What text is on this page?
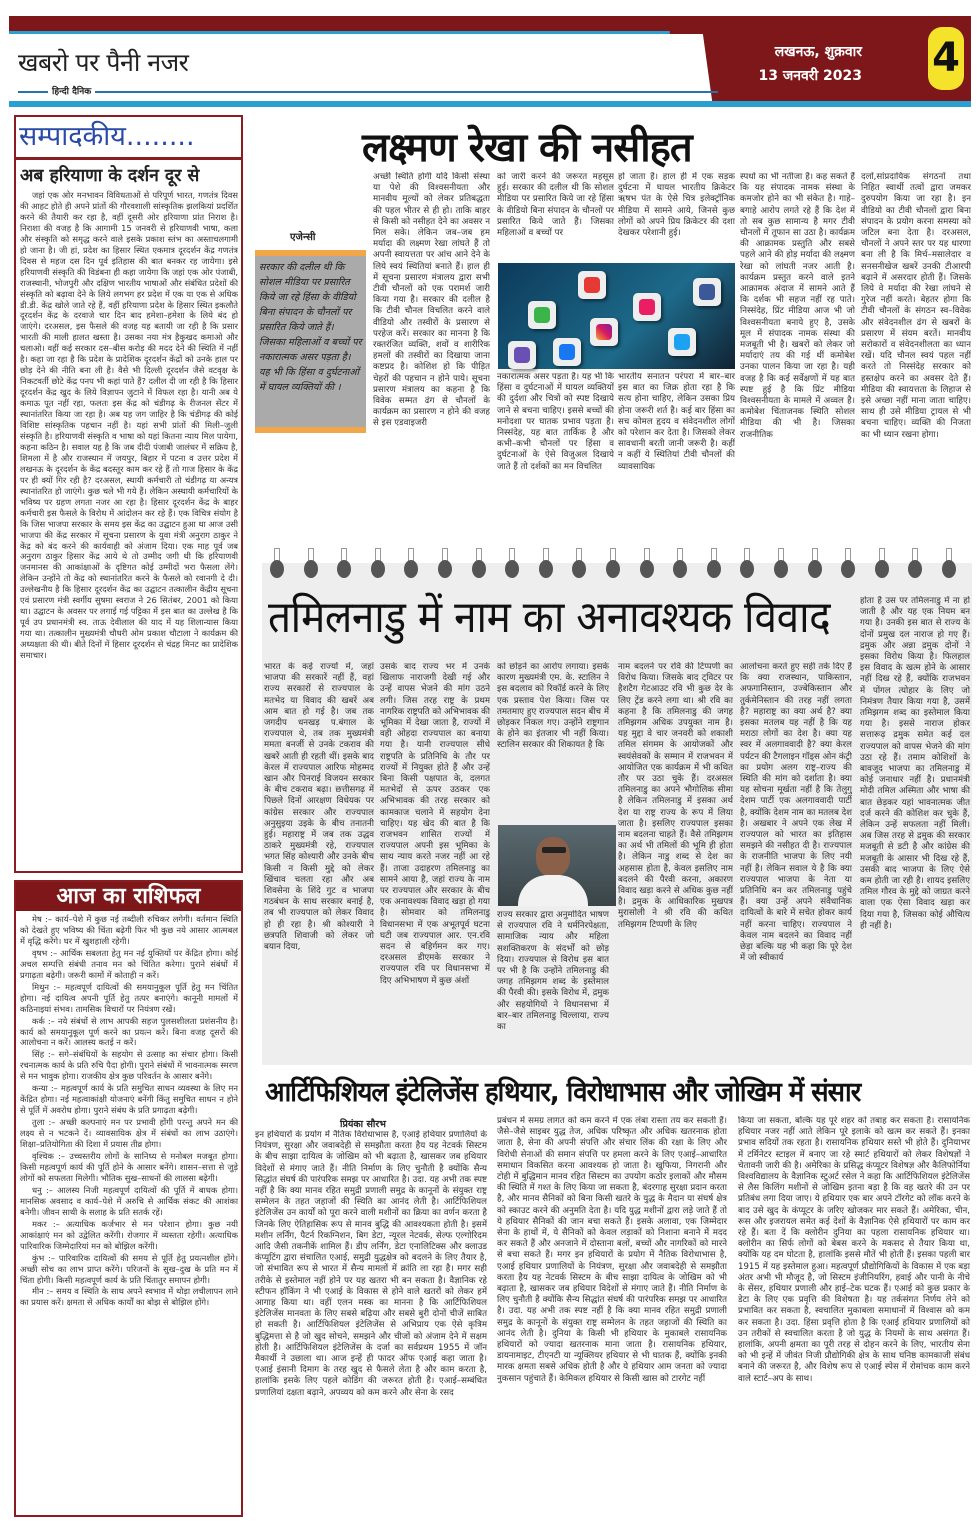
खबरो पर पैनी नजर
हिन्दी दैनिक
लखनऊ, शुक्रवार
13 जनवरी 2023 4
सम्पादकीय........
अब हरियाणा के दर्शन दूर से

जहां एक ओर मनभावन विविधताओं से परिपूर्ण भारत, गणतंत्र दिवस की आहट होते ही अपने प्रांतों की गौरवशाली सांस्कृतिक झलकियां प्रदर्शित करने की तैयारी कर रहा है, वहीं दूसरी ओर हरियाणा प्रांत निराश है। निराशा की वजह है कि आगामी 15 जनवरी से हरियाणवी भाषा, कला और संस्कृति को समृद्ध करने वाले इसके प्रकाश स्तंभ का अस्ताचलगामी हो जाना है। जी हां, प्रदेश का हिसार स्थित एकमात्र दूरदर्शन केंद्र गणतंत्र दिवस से महज दस दिन पूर्व इतिहास की बात बनकर रह जायेगा। इसे हरियाणवी संस्कृति की विडंबना ही कहा जायेगा कि जहां एक ओर पंजाबी, राजस्थानी, भोजपुरी और दक्षिण भारतीय भाषाओं और संबंधित प्रदेशों की संस्कृति को बढ़ावा देने के लिये लगभग हर प्रदेश में एक या एक से अधिक डी.डी. केंद्र खोले जाते रहे हैं, वहीं हरियाणा प्रदेश के हिसार स्थित इकलौते दूरदर्शन केंद्र के दरवाजे चार दिन बाद हमेशा–हमेशा के लिये बंद हो जाएंगे। दरअसल, इस फैसले की वजह यह बतायी जा रही है कि प्रसार भारती की माली हालत खस्ता है। उसका नया मंत्र हैकुखद कमाओ और चलाओ। वहीं कई सरकार दस–बीस करोड़ की मदद देने की स्थिति में नहीं है। कहा जा रहा है कि प्रदेश के प्रादेशिक दूरदर्शन केंद्रों को उनके हाल पर छोड़ देने की नीति बना ली है। वैसे भी दिल्ली दूरदर्शन जैसे वटवृक्ष के निकटवर्ती छोटे केंद्र पनप भी कहां पाते हैं? दलील दी जा रही है कि हिसार दूरदर्शन केंद्र खुद के लिये विज्ञापन जुटाने में विफल रहा है। यानी अब ये कमाऊ पूत नहीं रहा, फलतः इस केंद्र को चंडीगढ़ के रीजनल सेंटर में स्थानांतरित किया जा रहा है। अब यह जग जाहिर है कि चंडीगढ़ की कोई विशिष्ट सांस्कृतिक पहचान नहीं है। यहां सभी प्रांतों की मिली–जुली संस्कृति है। हरियाणवी संस्कृति व भाषा को यहां कितना न्याय मिल पायेगा, कहना कठिन है। सवाल यह है कि जब दीदी पंजाबी जालंधर में सक्रिय है, शिमला में है और राजस्थान में जयपुर, बिहार में पटना व उत्तर प्रदेश में लखनऊ के दूरदर्शन के केंद्र बदस्तूर काम कर रहे हैं तो गाज हिसार के केंद्र पर ही क्यों गिर रही है? दरअसल, स्थायी कर्मचारी तो चंडीगढ़ या अन्यत्र स्थानांतरित हो जाएंगे। कुछ चले भी गये हैं। लेकिन अस्थायी कर्मचारियों के भविष्य पर ग्रहण लगता नजर आ रहा है। हिसार दूरदर्शन केंद्र के बाहर कर्मचारी इस फैसले के विरोध में आंदोलन कर रहे हैं। एक विचित्र संयोग है कि जिस भाजपा सरकार के समय इस केंद्र का उद्घाटन हुआ था आज उसी भाजपा की केंद्र सरकार में सूचना प्रसारण के युवा मंत्री अनुराग ठाकुर ने केंद्र को बंद करने की कार्यवाही को अंजाम दिया। एक माह पूर्व जब अनुराग ठाकुर हिसार केंद्र आये थे तो उम्मीद जगी थी कि हरियाणवी जनमानस की आकांक्षाओं के दृष्टिगत कोई उम्मीदों भरा फैसला लेंगे। लेकिन उन्होंने तो केंद्र को स्थानांतरित करने के फैसले को रवानगी दे दी। उल्लेखनीय है कि हिसार दूरदर्शन केंद्र का उद्घाटन तत्कालीन केंद्रीय सूचना एवं प्रसारण मंत्री स्वर्गीय सुषमा स्वराज ने 26 सितंबर, 2001 को किया था। उद्घाटन के अवसर पर लगाई गई पट्टिका में इस बात का उल्लेख है कि पूर्व उप प्रधानमंत्री स्व. ताऊ देवीलाल की याद में यह शिलान्यास किया गया था। तत्कालीन मुख्यमंत्री चौधरी ओम प्रकाश चौटाला ने कार्यक्रम की अध्यक्षता की थी। बीते दिनों में हिसार दूरदर्शन से चंद्रह मिनट का प्रादेशिक समाचार।

आज का राशिफल

मेष :– कार्य–पेशे में कुछ नई तब्दीली रुचिकर लगेगी। वर्तमान स्थिति को देखते हुए भविष्य की चिंता बढ़ेगी फिर भी कुछ नये आसार आत्मबल में वृद्धि करेंगे। घर में खुशहाली रहेगी।

वृषभ :– आर्थिक सबलता हेतु मन नई युक्तियों पर केंद्रित होगा। कोई अचल सम्पत्ति संबंधी तनाव मन को चिंतित करेगा। पुराने संबंधों में प्रगाढ़ता बढ़ेगी। जरूरी कामों में कोताही न करें।

मिथुन :– महत्वपूर्ण दायित्वों की समयानुकूल पूर्ति हेतु मन चिंतित होगा। नई दायित्व अपनी पूर्ति हेतु तत्पर बनाएंगे। कानूनी मामलों में कठिनाइयां संभव। तामसिक विचारों पर नियंत्रण रखें।

कर्क :– नये संबंधों से लाभ आपकी सहज पुलसशीलता प्रशंसनीय है। कार्य को समयानुकूल पूर्ण करने का प्रयत्न करें। बिना वजह दूसरों की आलोचना न करें। आलस्य कतई न करें।

सिंह :– सगे–संबंधियों के सहयोग से उत्साह का संचार होगा। किसी रचनात्मक कार्य के प्रति रुचि पैदा होगी। पुराने संबंधों में भावनात्मक स्मरण से मन भावुक होगा। राजकीय क्षेत्र कुछ परिवर्तन के आसार बनेंगे।

कन्या :– महत्वपूर्ण कार्य के प्रति समुचित साधन व्यवस्था के लिए मन केंद्रित होगा। नई महत्वाकांक्षी योजनाएं बनेंगी किंतु समुचित साधन न होने से पूर्ति में अवरोध होगा। पुराने संबंध के प्रति प्रगाढ़ता बढ़ेगी।

तुला :– अच्छी कल्पनाएं मन पर प्रभावी होंगी परन्तु अपने मन की लक्ष्य से न भटकने दें। व्यावसायिक क्षेत्र में संबंधों का लाभ उठाएंगे। शिक्षा–प्रतियोगिता की दिशा में प्रयास तीव्र होगा।

वृश्चिक :– उच्चस्तरीय लोगों के सानिध्य से मनोबल मजबूत होगा। किसी महत्वपूर्ण कार्य की पूर्ति होने के आसार बनेंगे। शासन–सत्ता से जुड़े लोगों को सफलता मिलेगी। भौतिक सुख–साधनों की लालसा बढ़ेगी।

धनु :– आलस्य निजी महत्वपूर्ण दायित्वों की पूर्ति में बाधक होगा। मानसिक अवसाद व कार्य–पेशे में अरुचि से आर्थिक संकट की आशंका बनेगी। जीवन साथी के सलाह के प्रति सतर्क रहें।

मकर :– अत्याधिक कर्जभार से मन परेशान होगा। कुछ नयी आकांक्षाएं मन को उद्वेलित करेंगी। रोजगार में व्यस्तता रहेगी। अत्याधिक पारिवारिक जिम्मेदारियां मन को बोझिल करेंगी।

कुंभ :– पारिवारिक दायित्वों की समय से पूर्ति हेतु प्रयत्नशील होंगे। अच्छी सोच का लाभ प्राप्त करेंगे। परिजनों के सुख–दुख के प्रति मन में चिंता होगी। किसी महत्वपूर्ण कार्य के प्रति चिंतातुर समापन होगी।

मीन :– समय व स्थिति के साथ अपने स्वभाव में थोड़ा लचीलापन लाने का प्रयास करें। क्षमता से अधिक कार्यों का बोझ से बोझिल होंगे।

लक्ष्मण रेखा की नसीहत
एजेन्सी
सरकार की दलील थी कि सोशल मीडिया पर प्रसारित किये जा रहे हिंसा के वीडियो बिना संपादन के चौनलों पर प्रसारित किये जाते हैं। जिसका महिलाओं व बच्चों पर नकारात्मक असर पड़ता है। यह भी कि हिंसा व दुर्घटनाओं में घायल व्यक्तियों की ।
अच्छी स्थिति होगी यदि किसी संस्था या पेशे की विश्वसनीयता और मानवीय मूल्यों को लेकर प्रतिबद्धता की पहल भीतर से ही हो। ताकि बाहर से किसी को नसीहत देने का अवसर न मिल सके। लेकिन जब–जब हम मर्यादा की लक्ष्मण रेखा लांघते हैं तो अपनी स्वायत्तता पर आंच आने देने के लिये स्वयं स्थितियां बनाते हैं। हाल ही में सूचना प्रसारण मंत्रालय द्वारा सभी टीवी चौनलों को एक परामर्श जारी किया गया है। सरकार की दलील है कि टीवी चौनल विचलित करने वाले वीडियो और तस्वीरों के प्रसारण से परहेज करें। सरकार का मानना है कि रक्तरंजित व्यक्ति, शवों व शारीरिक हमलों की तस्वीरों का दिखाया जाना कष्टप्रद है। कोशिश हो कि पीड़ित चेहरों की पहचान न होने पाये। सूचना प्रसारण मंत्रालय का कहना है कि विवेक सम्मत ढंग से चौनलों के कार्यक्रम का प्रसारण न होने की वजह से इस एडवाइजरी
को जारी करने की जरूरत महसूस हुई। सरकार की दलील थी कि सोशल मीडिया पर प्रसारित किये जा रहे हिंसा के वीडियो बिना संपादन के चौनलों पर प्रसारित किये जाते हैं। जिसका महिलाओं व बच्चों पर
नकारात्मक असर पड़ता है। यह भी कि हिंसा व दुर्घटनाओं में घायल व्यक्तियों की दुर्दशा और चित्रों को स्पष्ट दिखाये जाने से बचना चाहिए। इससे बच्चों की मनोदशा पर घातक प्रभाव पड़ता है। निस्संदेह, यह बात तार्किक है और कभी–कभी चौनलों पर हिंसा व दुर्घटनाओं के ऐसे विजुअल दिखाये जाते हैं तो दर्शकों का मन विचलित
हो जाता है। हाल ही में एक सड़क दुर्घटना में घायल भारतीय क्रिकेटर ऋषभ पंत के ऐसे चित्र इलेक्ट्रॉनिक मीडिया में सामने आये, जिनसे कुछ लोगों को अपने प्रिय क्रिकेटर की दशा देखकर परेशानी हुई।
भारतीय सनातन परंपरा में बार–बार इस बात का जिक्र होता रहा है कि सत्य होना चाहिए, लेकिन उसका प्रिय होना जरूरी शर्त है। कई बार हिंसा का सच कोमल हृदय व संवेदनशील लोगों को परेशान कर देता है। जिसको लेकर सावधानी बरती जानी जरूरी है। कहीं न कहीं ये स्थितियां टीवी चौनलों की व्यावसायिक
स्पर्धा का भी नतीजा है। कह सकते हैं कि यह संपादक नामक संस्था के कमजोर होने का भी संकेत है। गाहे–बगाहे आरोप लगते रहे हैं कि देश में तो सब कुछ सामान्य है मगर टीवी चौनलों में तूफान सा उठा है। कार्यक्रम की आक्रामक प्रस्तुति और सबसे पहले आने की होड़ मर्यादा की लक्ष्मण रेखा को लांघती नजर आती है। कार्यक्रम प्रस्तुत करने वाले इतने आक्रामक अंदाज में सामने आते हैं कि दर्शक भी सहज नहीं रह पाते। निस्संदेह, प्रिंट मीडिया आज भी जो विश्वसनीयता बनाये हुए है, उसके मूल में संपादक नामक संस्था की मजबूती भी है। खबरों को लेकर जो मर्यादाएं तय की गई थीं कमोबेश उनका पालन किया जा रहा है। यही वजह है कि कई सर्वेक्षणों में यह बात स्पष्ट हुई है कि प्रिंट मीडिया विश्वसनीयता के मामले में अव्वल है। कमोबेश चिंताजनक स्थिति सोशल मीडिया की भी है। जिसका राजनीतिक
दलों,सांप्रदायिक संगठनों तथा निहित स्वार्थी तत्वों द्वारा जमकर दुरुपयोग किया जा रहा है। इन वीडियो का टीवी चौनलों द्वारा बिना संपादन के प्रयोग करना समस्या को जटिल बना देता है। दरअसल, चौनलों ने अपने स्तर पर यह धारणा बना ली है कि मिर्च–मसालेदार व सनसनीखेज खबरें उनकी टीआरपी बढ़ाने में असरदार होती हैं। जिसके लिये वे मर्यादा की रेखा लांघने से गुरेज नहीं करते। बेहतर होगा कि टीवी चौनलों के संगठन स्व–विवेक और संवेदनशील ढंग से खबरों के प्रसारण में संयम बरतें। मानवीय सरोकारों व संवेदनशीलता का ध्यान रखें। यदि चौनल स्वयं पहल नहीं करते तो निस्संदेह सरकार को हस्तक्षेप करने का अवसर देते हैं। मीडिया की स्वायत्तता के लिहाज से इसे अच्छा नहीं माना जाता चाहिए। साथ ही उसे मीडिया ट्रायल से भी बचना चाहिए। व्यक्ति की निजता का भी ध्यान रखना होगा।
तमिलनाडु में नाम का अनावश्यक विवाद	होता है उस पर तमिलनाडु में ना हो जाती है और यह एक नियम बन गया है। उनकी इस बात से राज्य के दोनों प्रमुख दल नाराज हो गए हैं। द्रमुक और अन्ना द्रमुक दोनों ने इसका विरोध किया है। फिलहाल इस विवाद के खत्म होने के आसार नहीं दिख रहे हैं, क्योंकि राजभवन में पोंगल त्योहार के लिए जो निमंत्रण तैयार किया गया है, उसमें तमिझगम शब्द का इस्तेमाल किया गया है। इससे नाराज होकर सत्तारूढ़ द्रमुक समेत कई दल राज्यपाल को वापस भेजने की मांग उठा रहे हैं। तमाम कोशिशों के बावजूद भाजपा का तमिलनाडु में कोई जनाधार नहीं है। प्रधानमंत्री मोदी तमिल अस्मिता और भाषा की बात छेड़कर यहां भावनात्मक जीत दर्ज करने की कोशिश कर चुके हैं, लेकिन उन्हें सफलता नहीं मिली। अब जिस तरह से द्रमुक की सरकार मजबूती से डटी है और कांग्रेस की मजबूती के आसार भी दिख रहे हैं, उसकी बाद भाजपा के लिए ऐसे कम होती जा रही है। शायद इसलिए तमिल गौरव के मुद्दे को जाग्रत करने वाला एक ऐसा विवाद खड़ा कर दिया गया है, जिसका कोई औचित्य ही नहीं है।
भारत के कई राज्यों में, जहां भाजपा की सरकारें नहीं हैं, वहां राज्य सरकारों से राज्यपाल के मतभेद या विवाद की खबरें अब आम बात हो गई है। जब तक जगदीप धनखड़ प.बंगाल के राज्यपाल थे, तब तक मुख्यमंत्री ममता बनर्जी से उनके टकराव की खबरें आती ही रहती थीं। इसके बाद केरल में राज्यपाल आरिफ मोहम्मद खान और पिनराई विजयन सरकार के बीच टकराव बढ़ा। छत्तीसगढ़ में पिछले दिनों आरक्षण विधेयक पर कांग्रेस सरकार और राज्यपाल अनुसुइया उइके के बीच तनातनी हुई। महाराष्ट्र में जब तक उद्धव ठाकरे मुख्यमंत्री रहे, राज्यपाल भगत सिंह कोश्यारी और उनके बीच किसी न किसी मुद्दे को लेकर खिंचाव चलता रहा और अब शिवसेना के शिंदे गुट व भाजपा गठबंधन के साथ सरकार बनाई है, तब भी राज्यपाल को लेकर विवाद हो ही रहा है। श्री कोश्यारी ने छत्रपति शिवाजी को लेकर जो बयान दिया,
उसके बाद राज्य भर में उनके खिलाफ नाराजगी देखी गई और उन्हें वापस भेजने की मांग उठने लगी। जिस तरह राष्ट्र के प्रथम नागरिक राष्ट्रपति को अभिभावक की भूमिका में देखा जाता है, राज्यों में वही ओहदा राज्यपाल का बनाया गया है। यानी राज्यपाल सीधे राष्ट्रपति के प्रतिनिधि के तौर पर राज्यों में नियुक्त होते हैं और उन्हें बिना किसी पक्षपात के, दलगत मतभेदों से ऊपर उठकर एक अभिभावक की तरह सरकार को कामकाज चलाने में सहयोग देना चाहिए। यह खेद की बात है कि राजभवन शासित राज्यों में राज्यपाल अपनी इस भूमिका के साथ न्याय करते नजर नहीं आ रहे हैं। ताजा उदाहरण तमिलनाडु का सामने आया है, जहां राज्य के नाम पर राज्यपाल और सरकार के बीच एक अनावश्यक विवाद खड़ा हो गया है। सोमवार को तमिलनाडु विधानसभा में एक अभूतपूर्व घटना घटी जब राज्यपाल आर. एन.रवि सदन से बहिर्गमन कर गए। दरअसल डीएमके सरकार ने राज्यपाल रवि पर विधानसभा में दिए अभिभाषण में कुछ अंशों
को छोड़ने का आरोप लगाया। इसके कारण मुख्यमंत्री एम. के. स्टालिन ने इस बदलाव को रिकॉर्ड करने के लिए एक प्रस्ताव पेश किया। जिस पर तमतमाए हुए राज्यपाल सदन बीच में छोड़कर निकल गए। उन्होंने राष्ट्रगान के होने का इंतजार भी नहीं किया। स्टालिन सरकार की शिकायत है कि
राज्य सरकार द्वारा अनुमोदित भाषण से राज्यपाल रवि ने धर्मनिरपेक्षता, सामाजिक न्याय और महिला सशक्तिकरण के संदर्भों को छोड़ दिया। राज्यपाल से विरोध इस बात पर भी है कि उन्होंने तमिलनाडु की जगह तमिझगम शब्द के इस्तेमाल की पैरवी की। इसके विरोध में, द्रमुक और सहयोगियों ने विधानसभा में बार–बार तमिलनाडु चिल्लाया, राज्य का
नाम बदलने पर रवि की टिप्पणी का विरोध किया। जिसके बाद ट्विटर पर हैशटैग गेटआउट रवि भी कुछ देर के लिए ट्रेंड करने लगा था। श्री रवि का कहना है कि तमिलनाडु की जगह तमिझगम अधिक उपयुक्त नाम है। यह मुद्दा वे चार जनवरी को शकाशी तमिल संगमम के आयोजकों और स्वयंसेवकों के सम्मान में राजभवन में आयोजित एक कार्यक्रम में भी कथित तौर पर उठा चुके हैं। दरअसल तमिलनाडु का अपने भौगोलिक सीमा है लेकिन तमिलनाडु में इसका अर्थ देश या राष्ट्र राज्य के रूप में लिया जाता है। इसलिए राज्यपाल इसका नाम बदलना चाहते हैं। वैसे तमिझगम का अर्थ भी तमिलों की भूमि ही होता है। लेकिन नाडु शब्द से देश का अहसास होता है, केवल इसलिए नाम बदलने की पैरवी करना, अकारण विवाद खड़ा करने से अधिक कुछ नहीं है। द्रमुक के आधिकारिक मुखपत्र मुरासोली ने श्री रवि की कथित तमिझगम टिप्पणी के लिए
आलोचना करते हुए सही तर्क दिए हैं कि क्या राजस्थान, पाकिस्तान, अफगानिस्तान, उज्बेकिस्तान और तुर्कमेनिस्तान की तरह नहीं लगता है? महाराष्ट्र का क्या अर्थ है? क्या इसका मतलब यह नहीं है कि यह मराठा लोगों का देश है। क्या यह स्वर में अलगाववादी है? क्या केरल पर्यटन की टैगलाइन गॉड्स ओन कंट्री का प्रयोग अलग राष्ट्र–राज्य की स्थिति की मांग को दर्शाता है। क्या यह सोचना मूर्खता नहीं है कि तेलुगु देशम पार्टी एक अलगाववादी पार्टी है, क्योंकि देशम नाम का मतलब देश है। अखबार ने अपने एक लेख में राज्यपाल को भारत का इतिहास समझने की नसीहत दी है। राज्यपाल के राजनीति भाजपा के लिए नयी नहीं है। लेकिन सवाल ये है कि क्या राज्यपाल भाजपा के नेता या प्रतिनिधि बन कर तमिलनाडु पहुंचे हैं। क्या उन्हें अपने संवैधानिक दायित्वों के बारे में सचेत होकर कार्य नहीं करना चाहिए। राज्यपाल ने केवल नाम बदलने का विवाद नहीं छेड़ा बल्कि यह भी कहा कि पूरे देश में जो स्वीकार्य
आर्टिफिशियल इंटेलिजेंस हथियार, विरोधाभास और जोखिम में संसार
प्रियंका सौरभ
इन हथियारों के प्रयोग में नैतिक विरोधाभास है, एआई हथियार प्रणालियों के नियंत्रण, सुरक्षा और जवाबदेही से समझौता करता हैय यह नेटवर्क सिस्टम के बीच साझा दायित्व के जोखिम को भी बढ़ाता है, खासकर जब हथियार विदेशों से मंगाए जाते हैं। नीति निर्माण के लिए चुनौती है क्योंकि सैन्य सिद्धांत संघर्ष की पारंपरिक समझ पर आधारित है। उदा. यह अभी तक स्पष्ट नहीं है कि क्या मानव रहित समुद्री प्रणाली समुद्र के कानूनों के संयुक्त राष्ट्र सम्मेलन के तहत जहाजों की स्थिति का आनंद लेती है। आर्टिफिशियल इंटेलिजेंस उन कार्यों को पूरा करने वाली मशीनों का क्रिया का वर्णन करता है जिनके लिए ऐतिहासिक रूप से मानव बुद्धि की आवश्यकता होती है। इसमें मशीन लर्निंग, पैटर्न रिकग्निशन, बिग डेटा, न्यूरल नेटवर्क, सेल्फ एल्गोरिदम आदि जैसी तकनीकें शामिल हैं। डीप लर्निंग, डेटा एनालिटिक्स और क्लाउड कंप्यूटिंग द्वारा संचालित एआई, समुद्री युद्धक्षेत्र को बदलने के लिए तैयार है, जो संभावित रूप से भारत में सैन्य मामलों में क्रांति ला रहा है। मगर सही तरीके से इस्तेमाल नहीं होने पर यह खतरा भी बन सकता है। वैज्ञानिक रहे स्टीफन हॉकिंग ने भी एआई के विकास से होने वाले खतरों को लेकर हमें आगाह किया था। वहीं एलन मस्क का मानना है कि आर्टिफिशियल इंटेलिजेंस मानवता के लिए सबसे बढ़िया और सबसे बुरी दोनों चीजें साबित हो सकती है। आर्टिफिशियल इंटेलिजेंस से अभिप्राय एक ऐसे कृत्रिम बुद्धिमत्ता से है जो खुद सोचने, समझने और चीजों को अंजाम देने में सक्षम होती है। आर्टिफिशियल इंटेलिजेंस के दर्जा का सर्वप्रथम 1955 में जॉन मैकार्थी ने उछाला था। आज इन्हें ही फादर ऑफ एआई कहा जाता है। एआई इंसानी दिमाग के तरह खुद से फैसले लेता है और काम करता है, हालांकि इसके लिए पहले कोडिंग की जरूरत होती है। एआई–सम्बंधित प्रणालियां दक्षता बढ़ाने, अपव्यय को कम करने और सेना के रसद
प्रबंधन में समग्र लागत को कम करने में एक लंबा रास्ता तय कर सकती हैं। जैसे–जैसे साइबर युद्ध तेज, अधिक परिष्कृत और अधिक खतरनाक होता जाता है, सेना की अपनी संपत्ति और संचार लिंक की रक्षा के लिए और विरोधी सेनाओं की समान संपत्ति पर हमला करने के लिए एआई–आधारित समाधान विकसित करना आवश्यक हो जाता है। खुफिया, निगरानी और टोही में बुद्धिमान मानव रहित सिस्टम का उपयोग कठोर इलाकों और मौसम की स्थिति में गश्त के लिए किया जा सकता है, बंदरगाह सुरक्षा प्रदान करता है, और मानव सैनिकों को बिना किसी खतरे के युद्ध के मैदान या संघर्ष क्षेत्र को स्काउट करने की अनुमति देता है। यदि युद्ध मशीनों द्वारा लड़े जाते हैं तो ये हथियार सैनिकों की जान बचा सकते हैं। इसके अलावा, एक जिम्मेदार सेना के हाथों में, ये सैनिकों को केवल लड़ाकों को निशाना बनाने में मदद कर सकते हैं और अनजाने में दोस्ताना बलों, बच्चों और नागरिकों को मारने से बचा सकते हैं। मगर इन हथियारों के प्रयोग में नैतिक विरोधाभास है, एआई हथियार प्रणालियों के नियंत्रण, सुरक्षा और जवाबदेही से समझौता करता हैय यह नेटवर्क सिस्टम के बीच साझा दायित्व के जोखिम को भी बढ़ाता है, खासकर जब हथियार विदेशों से मंगाए जाते हैं। नीति निर्माण के लिए चुनौती है क्योंकि सैन्य सिद्धांत संघर्ष की पारंपरिक समझ पर आधारित है। उदा. यह अभी तक स्पष्ट नहीं है कि क्या मानव रहित समुद्री प्रणाली समुद्र के कानूनों के संयुक्त राष्ट्र सम्मेलन के तहत जहाजों की स्थिति का आनंद लेती है। दुनिया के किसी भी हथियार के मुकाबले रासायनिक हथियारों को ज्यादा खतरनाक माना जाता है। रासायनिक हथियार, डायनामाइट, टीएनटी या न्यूक्लियर हथियार से भी घातक हैं, क्योंकि इनकी मारक क्षमता सबसे अधिक होती है और ये हथियार आम जनता को ज्यादा नुकसान पहुंचाते हैं। केमिकल हथियार से किसी खास को टारगेट नहीं
किया जा सकता, बल्कि यह पूरे शहर को तबाह कर सकता है। रासायनिक हथियार नजर नहीं आते लेकिन पूरे इलाके को खत्म कर सकते हैं। इनका प्रभाव सदियों तक रहता है। रासायनिक हथियार सस्ते भी होते हैं। दुनियाभर में टर्मिनेटर स्टाइल में बनाए जा रहे स्मार्ट हथियारों को लेकर विशेषज्ञों ने चेतावनी जारी की है। अमेरिका के प्रसिद्ध कंप्यूटर विशेषज्ञ और कैलिफोर्निया विश्वविद्यालय के वैज्ञानिक स्टुअर्ट रसेल ने कहा कि आर्टिफिशियल इंटेलिजेंस से लैस किलिंग मशीनों से जोखिम इतना बड़ा है कि वह खतरे की उन पर प्रतिबंध लगा दिया जाए। ये हथियार एक बार अपने टॉरगेट को लॉक करने के बाद उसे खुद के कंप्यूटर के जरिए खोजकर मार सकते हैं। अमेरिका, चीन, रूस और इजरायल समेत कई देशों के वैज्ञानिक ऐसे हथियारों पर काम कर रहे हैं। बता दें कि क्लोरीन दुनिया का पहला रासायनिक हथियार था। क्लोरीन का सिर्फ लोगों को बेबस करने के मकसद से तैयार किया था, क्योंकि यह दम घोटता है, हालांकि इससे मौतें भी होती हैं। इसका पहली बार 1915 में यह इस्तेमाल हुआ। महत्वपूर्ण प्रौद्योगिकियों के विकास में एक बड़ा अंतर अभी भी मौजूद है, जो सिस्टम इंजीनियरिंग, हवाई और पानी के नीचे के सेंसर, हथियार प्रणाली और हाई–टेक घटक हैं। एआई को कुछ प्रकार के डेटा के लिए एक प्रवृत्ति की विशेषता है। यह तर्कसंगत निर्णय लेने को प्रभावित कर सकता है, स्वचालित मुकाबला समाधानों में विश्वास को कम कर सकता है। उदा. हिंसा प्रवृत्ति होता है कि एआई हथियार प्रणालियों को उन तरीकों से स्वचालित करता है जो युद्ध के नियमों के साथ असंगत हैं। हालांकि, अपनी क्षमता का पूरी तरह से दोहन करने के लिए, भारतीय सेना को भी इन्हें में जीवंत निजी प्रौद्योगिकी क्षेत्र के साथ घनिष्ठ कामकाजी संबंध बनाने की जरूरत है, और विशेष रूप से एआई स्पेस में रोमांचक काम करने वाले स्टार्ट–अप के साथ।
